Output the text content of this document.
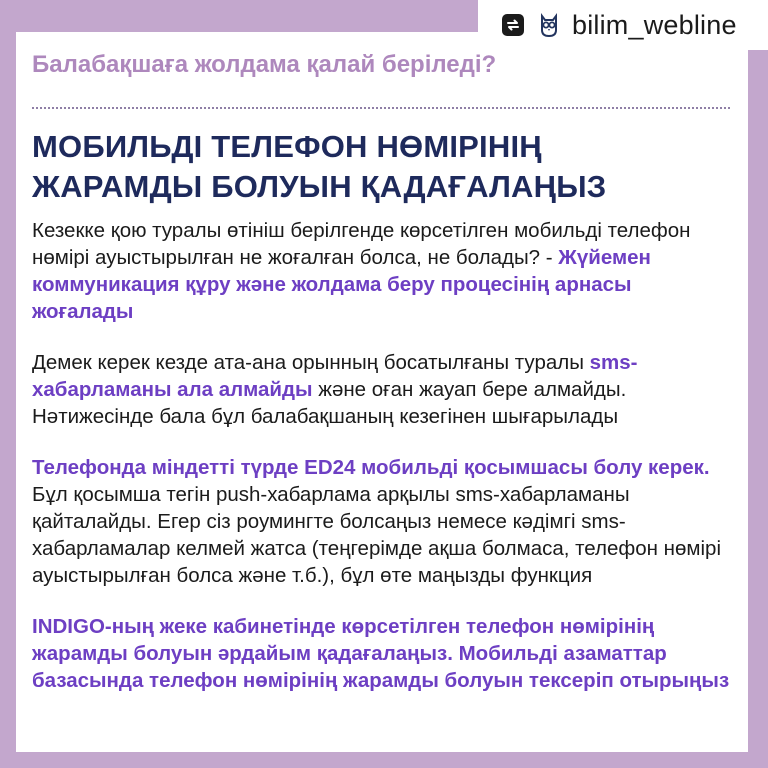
Балабақшаға жолдама қалай беріледі?
МОБИЛЬДІ ТЕЛЕФОН НӨМІРІНІҢ
ЖАРАМДЫ БОЛУЫН ҚАДАҒАЛАҢЫЗ

Кезекке қою туралы өтініш берілгенде көрсетілген мобильді телефон нөмірі ауыстырылған не жоғалған болса, не болады? - Жүйемен коммуникация құру және жолдама беру процесінің арнасы жоғалады

Демек керек кезде ата-ана орынның босатылғаны туралы sms-хабарламаны ала алмайды және оған жауап бере алмайды. Нәтижесінде бала бұл балабақшаның кезегінен шығарылады

Телефонда міндетті түрде ED24 мобильді қосымшасы болу керек. Бұл қосымша тегін push-хабарлама арқылы sms-хабарламаны қайталайды. Егер сіз роумингте болсаңыз немесе кәдімгі sms-хабарламалар келмей жатса (теңгерімде ақша болмаса, телефон нөмірі ауыстырылған болса және т.б.), бұл өте маңызды функция

INDIGO-ның жеке кабинетінде көрсетілген телефон нөмірінің жарамды болуын әрдайым қадағалаңыз. Мобильді азаматтар базасында телефон нөмірінің жарамды болуын тексеріп отырыңыз

bilim_webline
